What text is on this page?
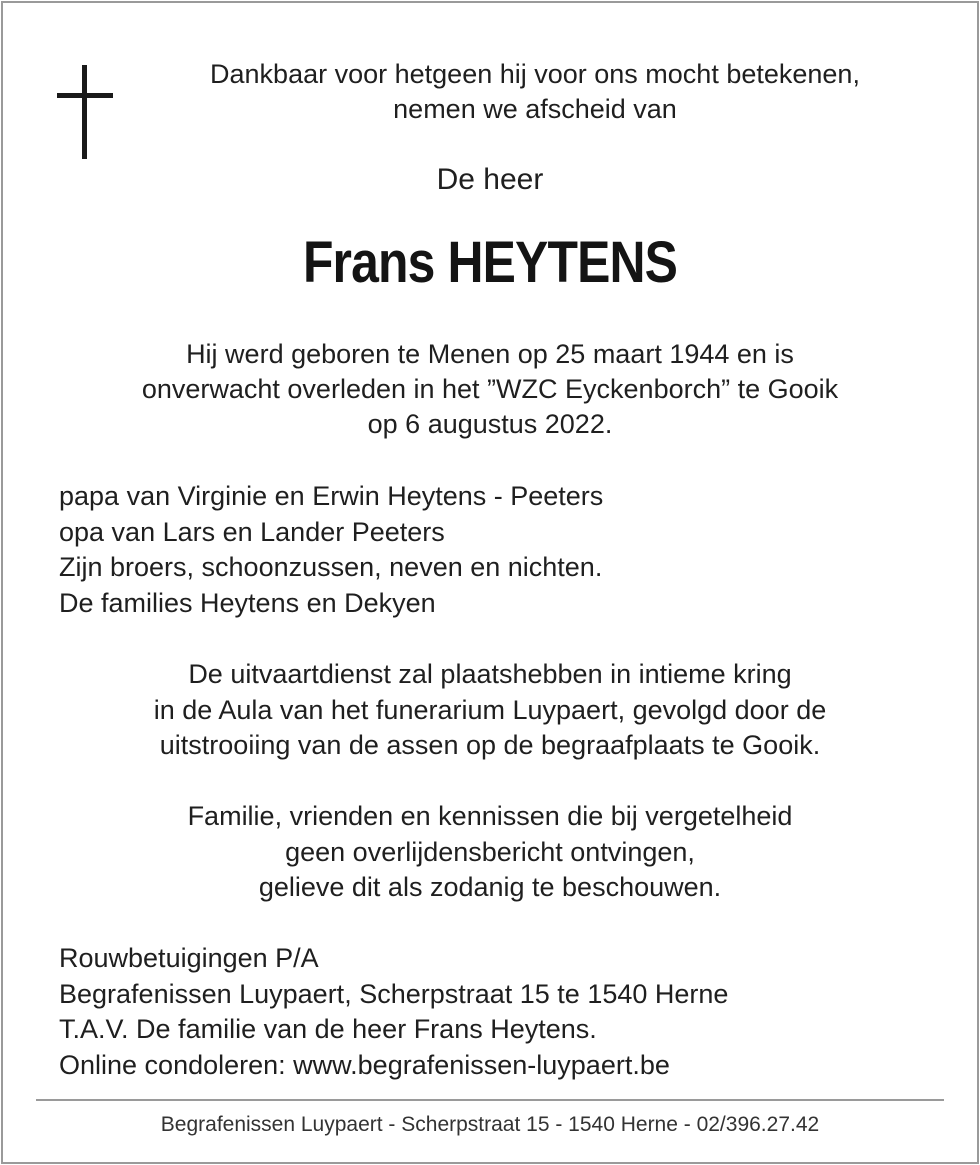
Dankbaar voor hetgeen hij voor ons mocht betekenen,
nemen we afscheid van
De heer
Frans HEYTENS
Hij werd geboren te Menen op 25 maart 1944 en is
onverwacht overleden in het ”WZC Eyckenborch” te Gooik
op 6 augustus 2022.
papa van Virginie en Erwin Heytens - Peeters
opa van Lars en Lander Peeters
Zijn broers, schoonzussen, neven en nichten.
De families Heytens en Dekyen
De uitvaartdienst zal plaatshebben in intieme kring
in de Aula van het funerarium Luypaert, gevolgd door de
uitstrooiing van de assen op de begraafplaats te Gooik.
Familie, vrienden en kennissen die bij vergetelheid
geen overlijdensbericht ontvingen,
gelieve dit als zodanig te beschouwen.
Rouwbetuigingen P/A
Begrafenissen Luypaert, Scherpstraat 15 te 1540 Herne
T.A.V. De familie van de heer Frans Heytens.
Online condoleren: www.begrafenissen-luypaert.be
Begrafenissen Luypaert - Scherpstraat 15 - 1540 Herne - 02/396.27.42
